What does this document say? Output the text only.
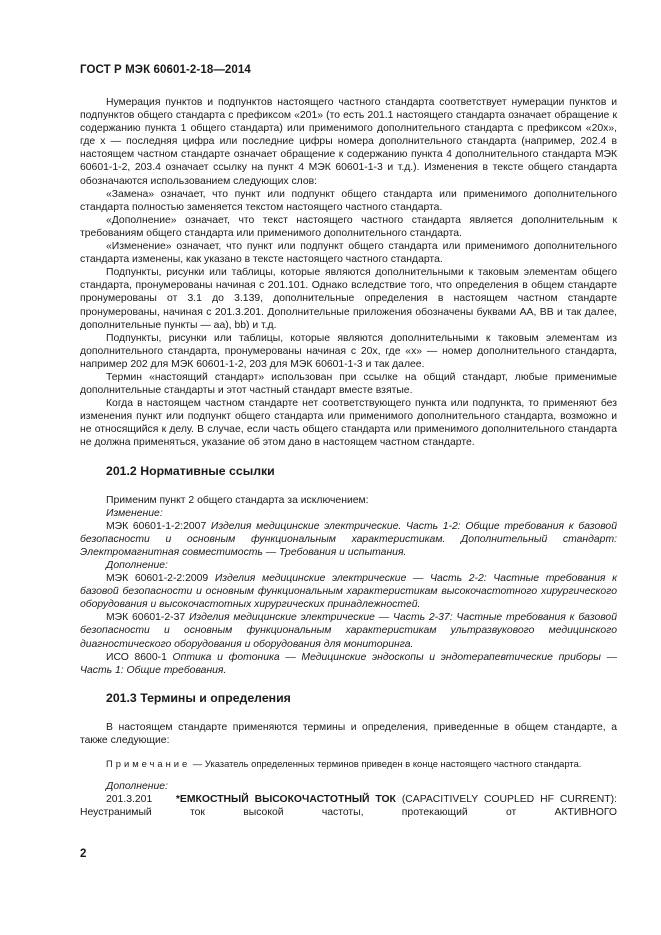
ГОСТ Р МЭК 60601-2-18—2014

Нумерация пунктов и подпунктов настоящего частного стандарта соответствует нумерации пунктов и подпунктов общего стандарта с префиксом «201» (то есть 201.1 настоящего стандарта означает обращение к содержанию пункта 1 общего стандарта) или применимого дополнительного стандарта с префиксом «20х», где х — последняя цифра или последние цифры номера дополнительного стандарта (например, 202.4 в настоящем частном стандарте означает обращение к содержанию пункта 4 дополнительного стандарта МЭК 60601-1-2, 203.4 означает ссылку на пункт 4 МЭК 60601-1-3 и т.д.). Изменения в тексте общего стандарта обозначаются использованием следующих слов:

«Замена» означает, что пункт или подпункт общего стандарта или применимого дополнительного стандарта полностью заменяется текстом настоящего частного стандарта.

«Дополнение» означает, что текст настоящего частного стандарта является дополнительным к требованиям общего стандарта или применимого дополнительного стандарта.

«Изменение» означает, что пункт или подпункт общего стандарта или применимого дополнительного стандарта изменены, как указано в тексте настоящего частного стандарта.

Подпункты, рисунки или таблицы, которые являются дополнительными к таковым элементам общего стандарта, пронумерованы начиная с 201.101. Однако вследствие того, что определения в общем стандарте пронумерованы от 3.1 до 3.139, дополнительные определения в настоящем частном стандарте пронумерованы, начиная с 201.3.201. Дополнительные приложения обозначены буквами АА, ВВ и так далее, дополнительные пункты — аа), bb) и т.д.

Подпункты, рисунки или таблицы, которые являются дополнительными к таковым элементам из дополнительного стандарта, пронумерованы начиная с 20х, где «х» — номер дополнительного стандарта, например 202 для МЭК 60601-1-2, 203 для МЭК 60601-1-3 и так далее.

Термин «настоящий стандарт» использован при ссылке на общий стандарт, любые применимые дополнительные стандарты и этот частный стандарт вместе взятые.

Когда в настоящем частном стандарте нет соответствующего пункта или подпункта, то применяют без изменения пункт или подпункт общего стандарта или применимого дополнительного стандарта, возможно и не относящийся к делу. В случае, если часть общего стандарта или применимого дополнительного стандарта не должна применяться, указание об этом дано в настоящем частном стандарте.

201.2 Нормативные ссылки

Применим пункт 2 общего стандарта за исключением:

Изменение:

МЭК 60601-1-2:2007 Изделия медицинские электрические. Часть 1-2: Общие требования к базовой безопасности и основным функциональным характеристикам. Дополнительный стандарт: Электромагнитная совместимость — Требования и испытания.

Дополнение:

МЭК 60601-2-2:2009 Изделия медицинские электрические — Часть 2-2: Частные требования к базовой безопасности и основным функциональным характеристикам высокочастотного хирургического оборудования и высокочастотных хирургических принадлежностей.

МЭК 60601-2-37 Изделия медицинские электрические — Часть 2-37: Частные требования к базовой безопасности и основным функциональным характеристикам ультразвукового медицинского диагностического оборудования и оборудования для мониторинга.

ИСО 8600-1 Оптика и фотоника — Медицинские эндоскопы и эндотерапевтические приборы — Часть 1: Общие требования.

201.3 Термины и определения

В настоящем стандарте применяются термины и определения, приведенные в общем стандарте, а также следующие:

Примечание — Указатель определенных терминов приведен в конце настоящего частного стандарта.

Дополнение:

201.3.201 *ЕМКОСТНЫЙ ВЫСОКОЧАСТОТНЫЙ ТОК (CAPACITIVELY COUPLED HF CURRENT): Неустранимый ток высокой частоты, протекающий от АКТИВНОГО

2
